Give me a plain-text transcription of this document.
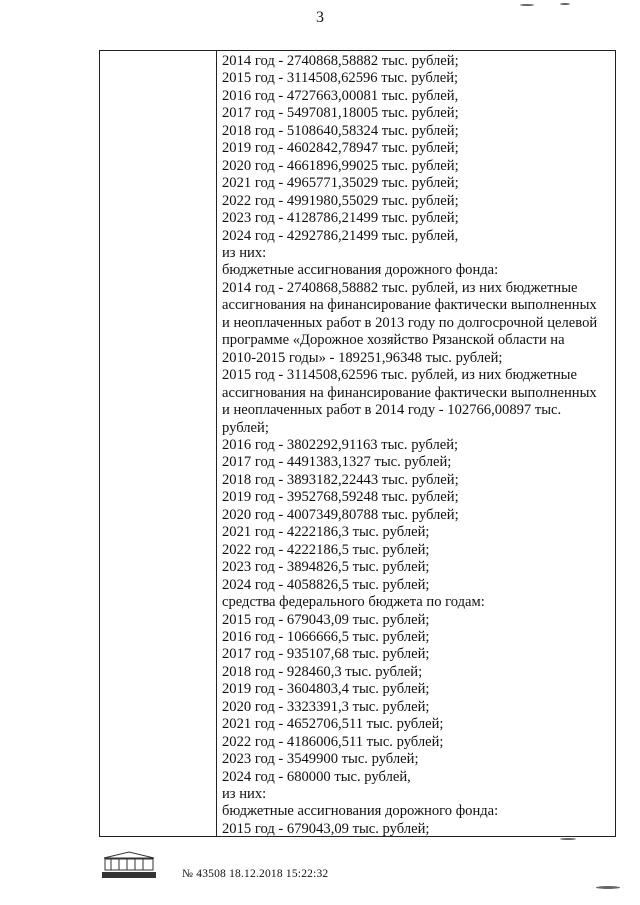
3
2014 год - 2740868,58882 тыс. рублей;
2015 год - 3114508,62596 тыс. рублей;
2016 год - 4727663,00081 тыс. рублей,
2017 год - 5497081,18005 тыс. рублей;
2018 год - 5108640,58324 тыс. рублей;
2019 год - 4602842,78947 тыс. рублей;
2020 год - 4661896,99025 тыс. рублей;
2021 год - 4965771,35029 тыс. рублей;
2022 год - 4991980,55029 тыс. рублей;
2023 год - 4128786,21499 тыс. рублей;
2024 год - 4292786,21499 тыс. рублей,
из них:
бюджетные ассигнования дорожного фонда:
2014 год - 2740868,58882 тыс. рублей, из них бюджетные
ассигнования на финансирование фактически выполненных
и неоплаченных работ в 2013 году по долгосрочной целевой
программе «Дорожное хозяйство Рязанской области на
2010-2015 годы» - 189251,96348 тыс. рублей;
2015 год - 3114508,62596 тыс. рублей, из них бюджетные
ассигнования на финансирование фактически выполненных
и неоплаченных работ в 2014 году - 102766,00897 тыс.
рублей;
2016 год - 3802292,91163 тыс. рублей;
2017 год - 4491383,1327 тыс. рублей;
2018 год - 3893182,22443 тыс. рублей;
2019 год - 3952768,59248 тыс. рублей;
2020 год - 4007349,80788 тыс. рублей;
2021 год - 4222186,3 тыс. рублей;
2022 год - 4222186,5 тыс. рублей;
2023 год - 3894826,5 тыс. рублей;
2024 год - 4058826,5 тыс. рублей;
средства федерального бюджета по годам:
2015 год - 679043,09 тыс. рублей;
2016 год - 1066666,5 тыс. рублей;
2017 год - 935107,68 тыс. рублей;
2018 год - 928460,3 тыс. рублей;
2019 год - 3604803,4 тыс. рублей;
2020 год - 3323391,3 тыс. рублей;
2021 год - 4652706,511 тыс. рублей;
2022 год - 4186006,511 тыс. рублей;
2023 год - 3549900 тыс. рублей;
2024 год - 680000 тыс. рублей,
из них:
бюджетные ассигнования дорожного фонда:
2015 год - 679043,09 тыс. рублей;
№ 43508 18.12.2018 15:22:32
